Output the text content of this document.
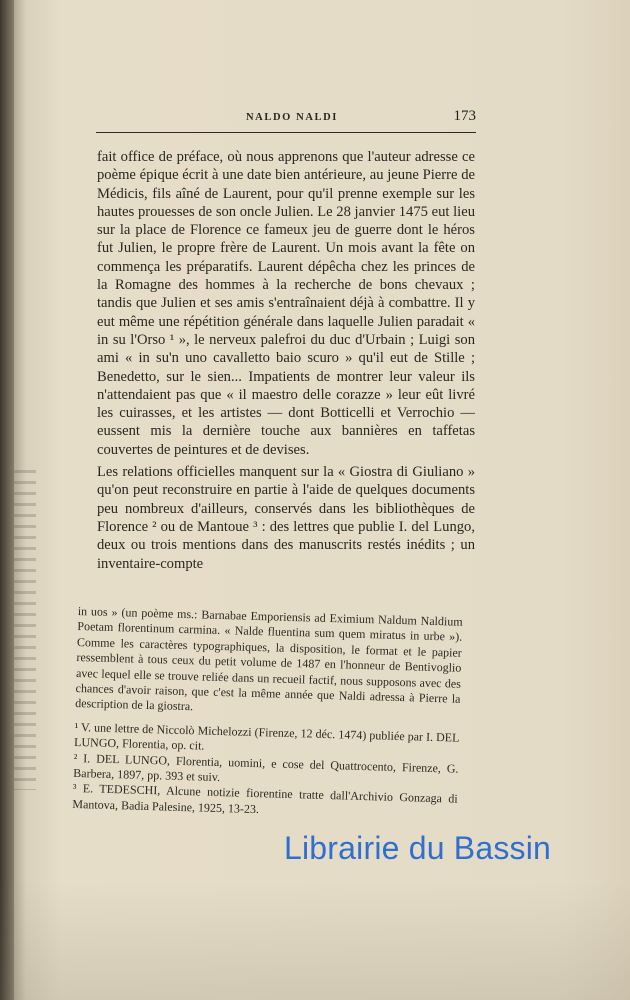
NALDO NALDI	173

fait office de préface, où nous apprenons que l'auteur adresse ce poème épique écrit à une date bien antérieure, au jeune Pierre de Médicis, fils aîné de Laurent, pour qu'il prenne exemple sur les hautes prouesses de son oncle Julien. Le 28 janvier 1475 eut lieu sur la place de Florence ce fameux jeu de guerre dont le héros fut Julien, le propre frère de Laurent. Un mois avant la fête on commença les préparatifs. Laurent dépêcha chez les princes de la Romagne des hommes à la recherche de bons chevaux ; tandis que Julien et ses amis s'entraînaient déjà à combattre. Il y eut même une répétition générale dans laquelle Julien paradait « in su l'Orso ¹ », le nerveux palefroi du duc d'Urbain ; Luigi son ami « in su'n uno cavalletto baio scuro » qu'il eut de Stille ; Benedetto, sur le sien... Impatients de montrer leur valeur ils n'attendaient pas que « il maestro delle corazze » leur eût livré les cuirasses, et les artistes — dont Botticelli et Verrochio — eussent mis la dernière touche aux bannières en taffetas couvertes de peintures et de devises.

Les relations officielles manquent sur la « Giostra di Giuliano » qu'on peut reconstruire en partie à l'aide de quelques documents peu nombreux d'ailleurs, conservés dans les bibliothèques de Florence ² ou de Mantoue ³ : des lettres que publie I. del Lungo, deux ou trois mentions dans des manuscrits restés inédits ; un inventaire-compte

in uos » (un poème ms.: Barnabae Emporiensis ad Eximium Naldum Naldium Poetam florentinum carmina. « Nalde fluentina sum quem miratus in urbe »). Comme les caractères typographiques, la disposition, le format et le papier ressemblent à tous ceux du petit volume de 1487 en l'honneur de Bentivoglio avec lequel elle se trouve reliée dans un recueil factif, nous supposons avec des chances d'avoir raison, que c'est la même année que Naldi adressa à Pierre la description de la giostra.

¹ V. une lettre de Niccolò Michelozzi (Firenze, 12 déc. 1474) publiée par I. DEL LUNGO, Florentia, op. cit.

² I. DEL LUNGO, Florentia, uomini, e cose del Quattrocento, Firenze, G. Barbera, 1897, pp. 393 et suiv.

³ E. TEDESCHI, Alcune notizie fiorentine tratte dall'Archivio Gonzaga di Mantova, Badia Palesine, 1925, 13-23.

Librairie du Bassin
